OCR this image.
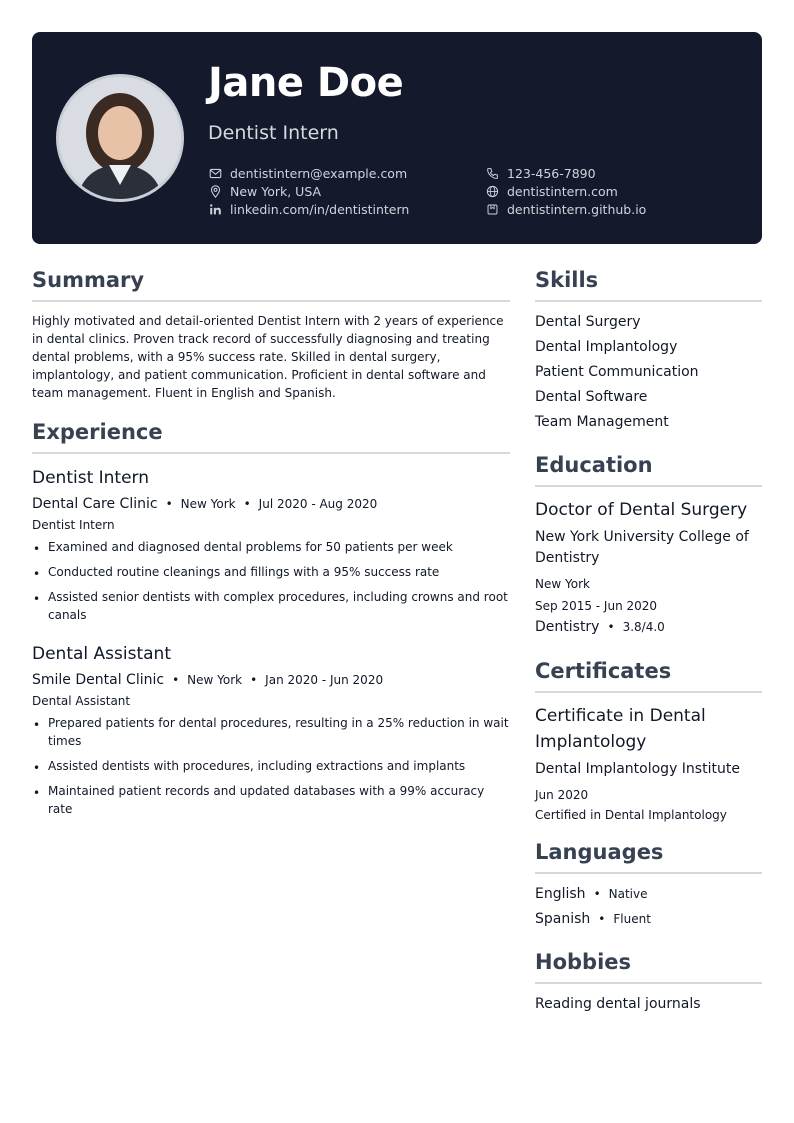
Jane Doe
Dentist Intern
dentistintern@example.com
New York, USA
linkedin.com/in/dentistintern
123-456-7890
dentistintern.com
dentistintern.github.io
Summary
Highly motivated and detail-oriented Dentist Intern with 2 years of experience in dental clinics. Proven track record of successfully diagnosing and treating dental problems, with a 95% success rate. Skilled in dental surgery, implantology, and patient communication. Proficient in dental software and team management. Fluent in English and Spanish.
Experience
Dentist Intern
Dental Care Clinic • New York • Jul 2020 - Aug 2020
Dentist Intern
• Examined and diagnosed dental problems for 50 patients per week
• Conducted routine cleanings and fillings with a 95% success rate
• Assisted senior dentists with complex procedures, including crowns and root canals
Dental Assistant
Smile Dental Clinic • New York • Jan 2020 - Jun 2020
Dental Assistant
• Prepared patients for dental procedures, resulting in a 25% reduction in wait times
• Assisted dentists with procedures, including extractions and implants
• Maintained patient records and updated databases with a 99% accuracy rate
Skills
Dental Surgery
Dental Implantology
Patient Communication
Dental Software
Team Management
Education
Doctor of Dental Surgery
New York University College of Dentistry
New York
Sep 2015 - Jun 2020
Dentistry • 3.8/4.0
Certificates
Certificate in Dental Implantology
Dental Implantology Institute
Jun 2020
Certified in Dental Implantology
Languages
English • Native
Spanish • Fluent
Hobbies
Reading dental journals
